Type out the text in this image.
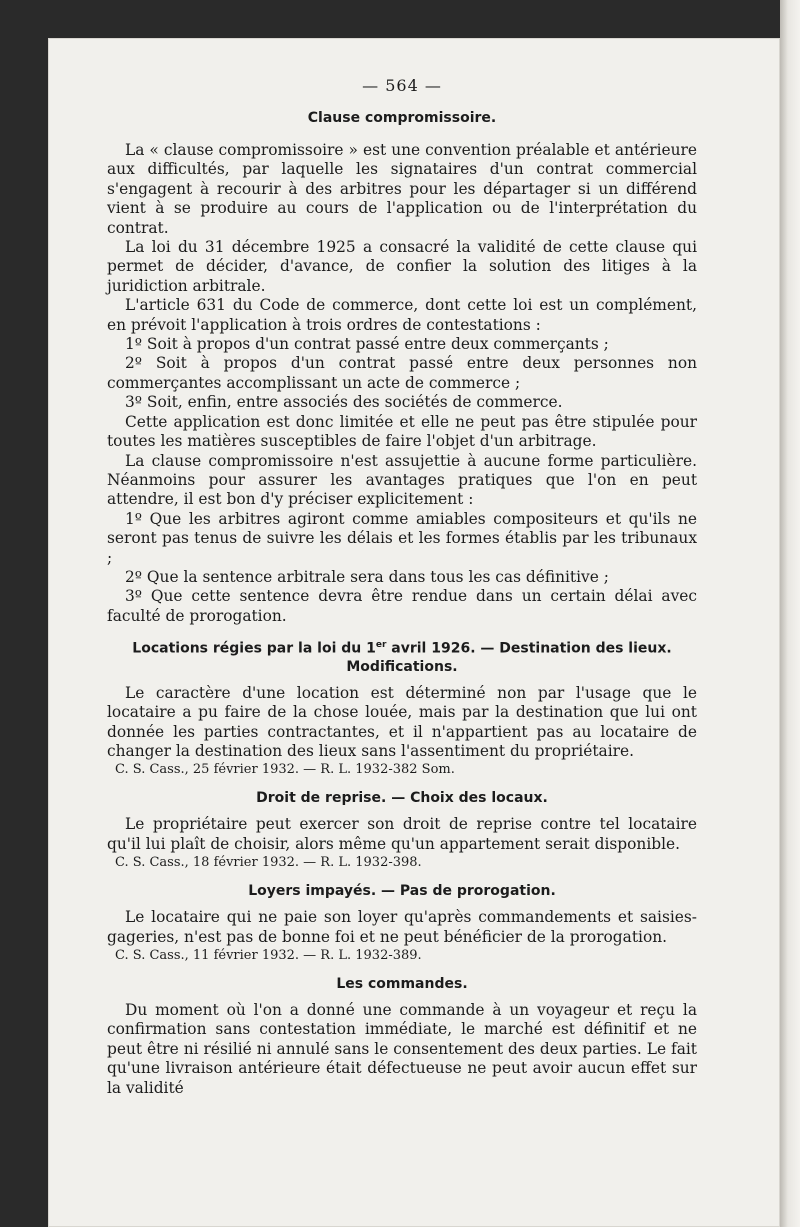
— 564 —
Clause compromissoire.

La « clause compromissoire » est une convention préalable et antérieure aux difficultés, par laquelle les signataires d'un contrat commercial s'engagent à recourir à des arbitres pour les départager si un différend vient à se produire au cours de l'application ou de l'interprétation du contrat.

La loi du 31 décembre 1925 a consacré la validité de cette clause qui permet de décider, d'avance, de confier la solution des litiges à la juridiction arbitrale.

L'article 631 du Code de commerce, dont cette loi est un complément, en prévoit l'application à trois ordres de contestations :

1º Soit à propos d'un contrat passé entre deux commerçants ;

2º Soit à propos d'un contrat passé entre deux personnes non commerçantes accomplissant un acte de commerce ;

3º Soit, enfin, entre associés des sociétés de commerce.

Cette application est donc limitée et elle ne peut pas être stipulée pour toutes les matières susceptibles de faire l'objet d'un arbitrage.

La clause compromissoire n'est assujettie à aucune forme particulière. Néanmoins pour assurer les avantages pratiques que l'on en peut attendre, il est bon d'y préciser explicitement :

1º Que les arbitres agiront comme amiables compositeurs et qu'ils ne seront pas tenus de suivre les délais et les formes établis par les tribunaux ;

2º Que la sentence arbitrale sera dans tous les cas définitive ;

3º Que cette sentence devra être rendue dans un certain délai avec faculté de prorogation.

Locations régies par la loi du 1er avril 1926. — Destination des lieux. Modifications.

Le caractère d'une location est déterminé non par l'usage que le locataire a pu faire de la chose louée, mais par la destination que lui ont donnée les parties contractantes, et il n'appartient pas au locataire de changer la destination des lieux sans l'assentiment du propriétaire.

C. S. Cass., 25 février 1932. — R. L. 1932-382 Som.

Droit de reprise. — Choix des locaux.

Le propriétaire peut exercer son droit de reprise contre tel locataire qu'il lui plaît de choisir, alors même qu'un appartement serait disponible.

C. S. Cass., 18 février 1932. — R. L. 1932-398.

Loyers impayés. — Pas de prorogation.

Le locataire qui ne paie son loyer qu'après commandements et saisies-gageries, n'est pas de bonne foi et ne peut bénéficier de la prorogation.

C. S. Cass., 11 février 1932. — R. L. 1932-389.

Les commandes.

Du moment où l'on a donné une commande à un voyageur et reçu la confirmation sans contestation immédiate, le marché est définitif et ne peut être ni résilié ni annulé sans le consentement des deux parties. Le fait qu'une livraison antérieure était défectueuse ne peut avoir aucun effet sur la validité
